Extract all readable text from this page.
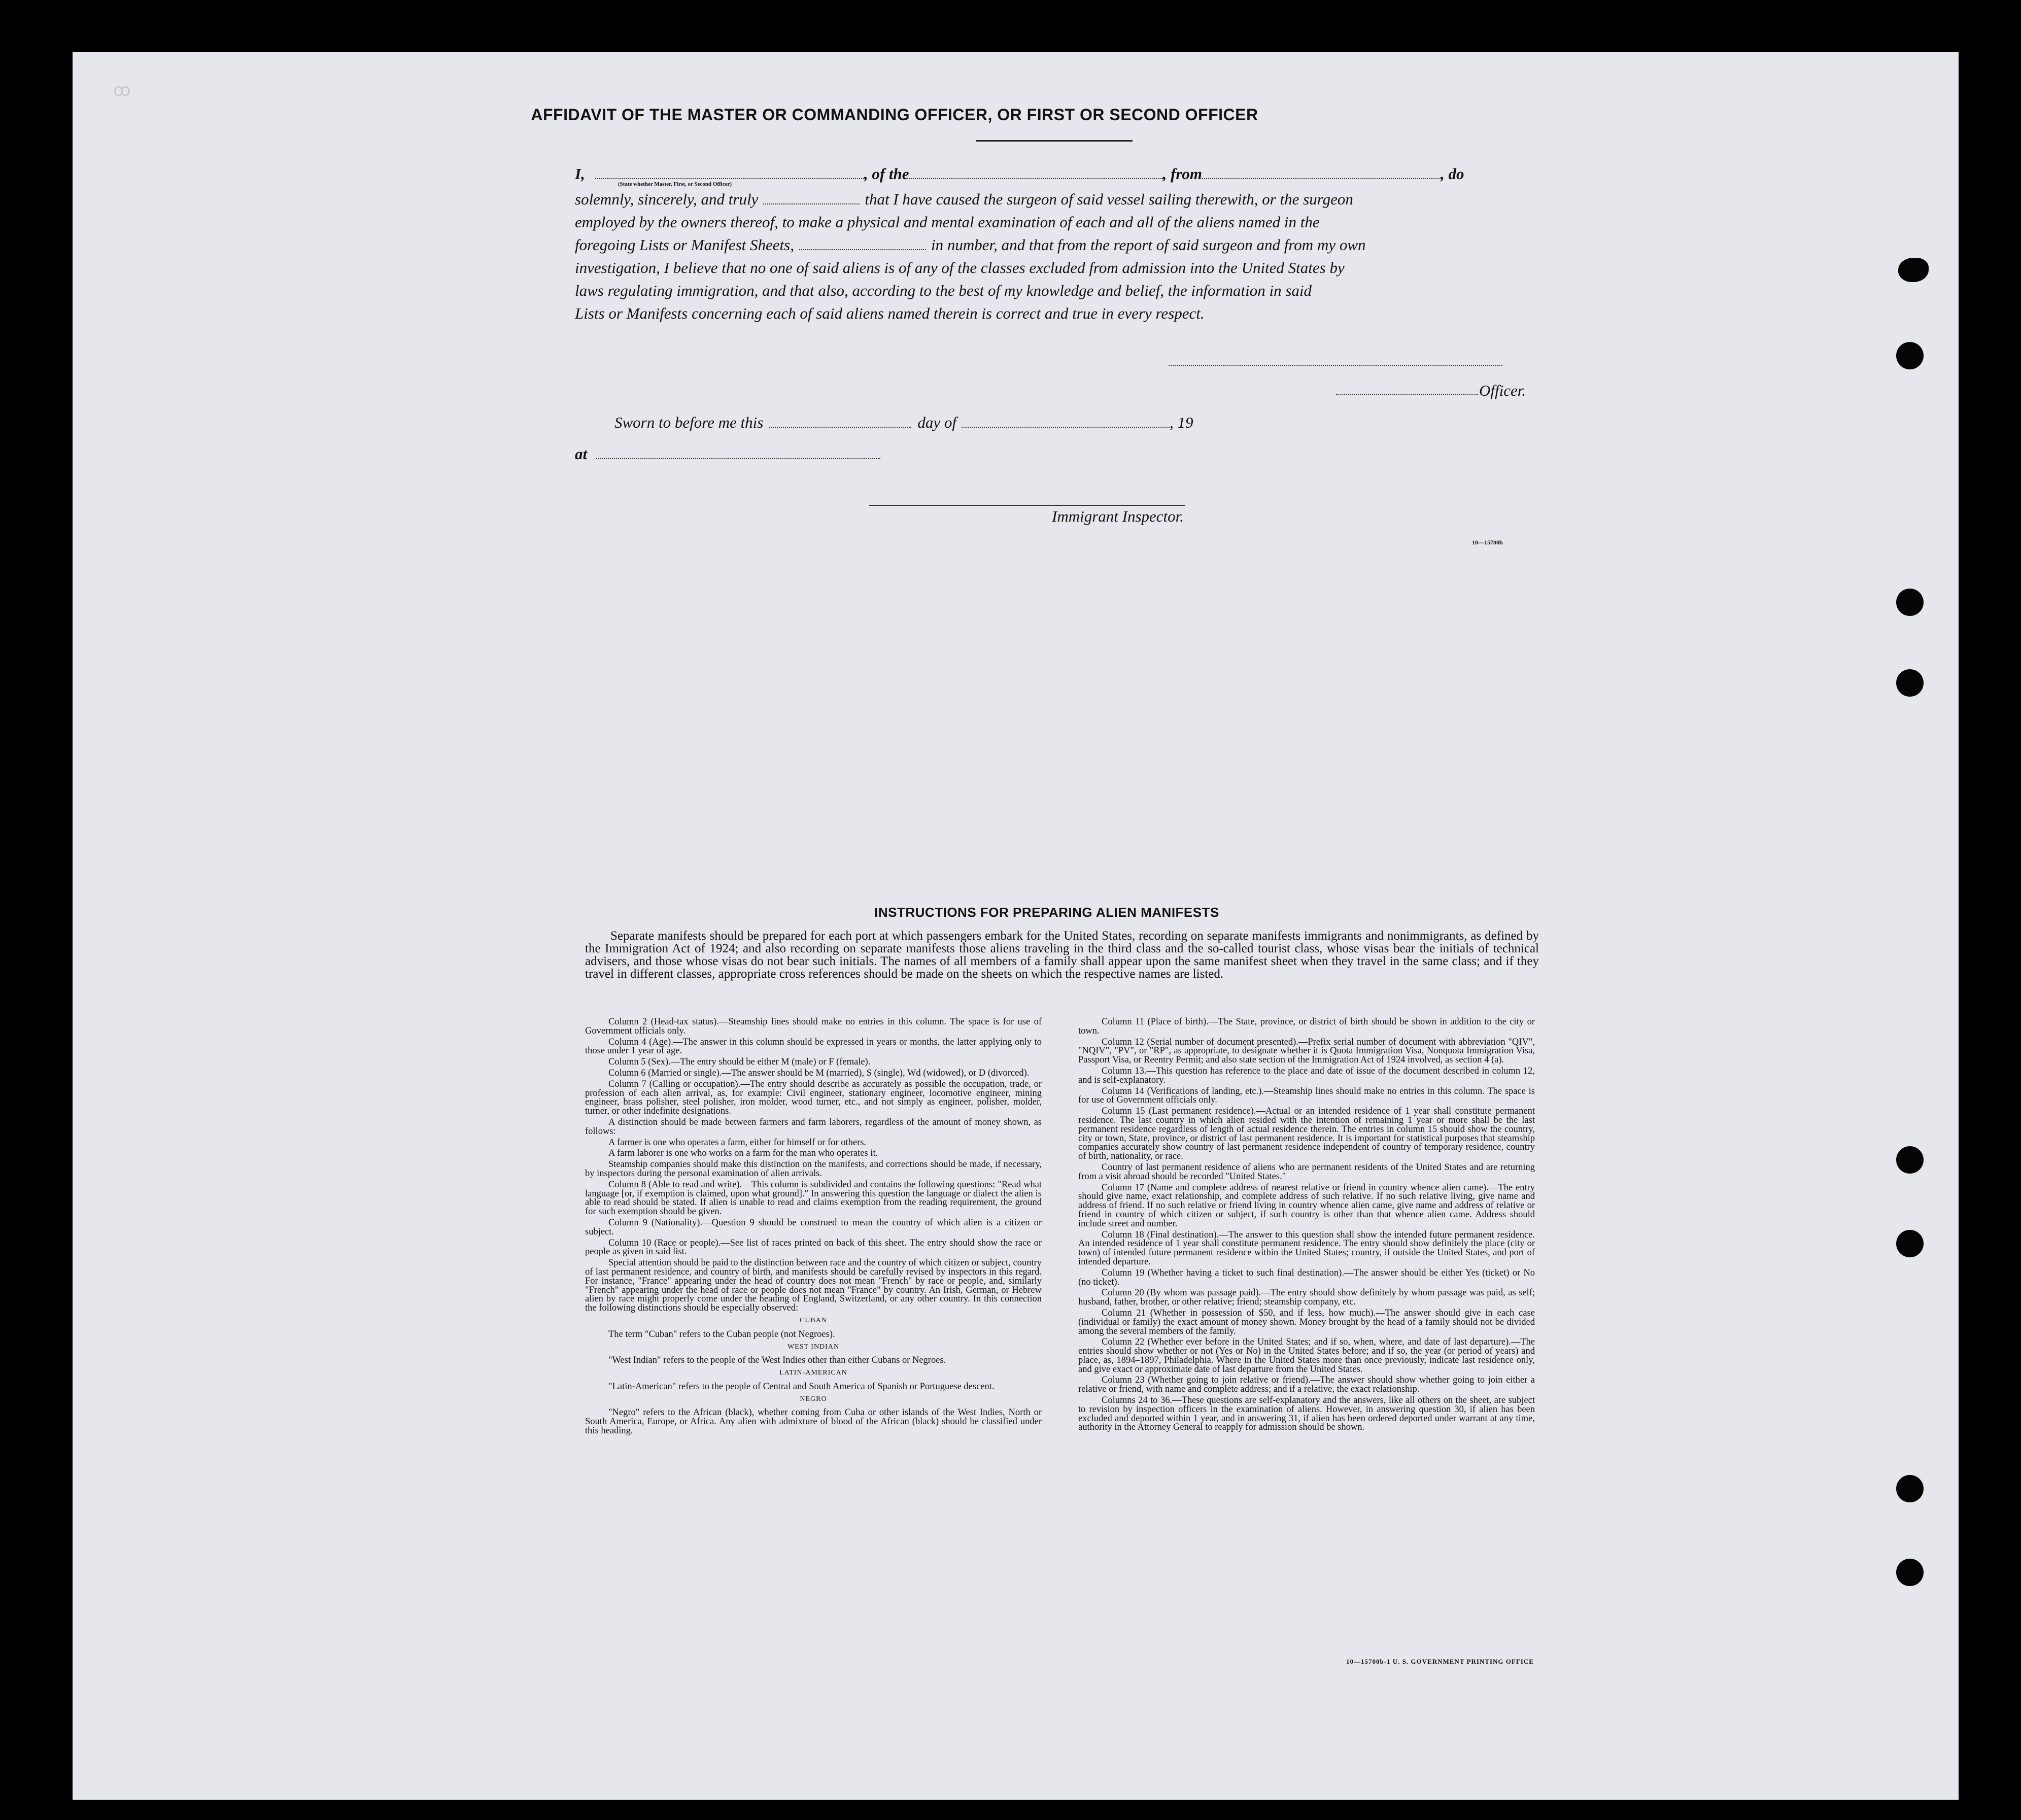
ꝏ
AFFIDAVIT OF THE MASTER OR COMMANDING OFFICER, OR FIRST OR SECOND OFFICER
I,	, of the	, from	, do
(State whether Master, First, or Second Officer)
solemnly, sincerely, and truly	that I have caused the surgeon of said vessel sailing therewith, or the surgeon
employed by the owners thereof, to make a physical and mental examination of each and all of the aliens named in the
foregoing Lists or Manifest Sheets,	in number, and that from the report of said surgeon and from my own
investigation, I believe that no one of said aliens is of any of the classes excluded from admission into the United States by
laws regulating immigration, and that also, according to the best of my knowledge and belief, the information in said
Lists or Manifests concerning each of said aliens named therein is correct and true in every respect.
Officer.
Sworn to before me this	day of	, 19
at
Immigrant Inspector.
10—15700b
INSTRUCTIONS FOR PREPARING ALIEN MANIFESTS
Separate manifests should be prepared for each port at which passengers embark for the United States, recording on separate manifests immigrants and nonimmigrants, as defined by the Immigration Act of 1924; and also recording on separate manifests those aliens traveling in the third class and the so-called tourist class, whose visas bear the initials of technical advisers, and those whose visas do not bear such initials. The names of all members of a family shall appear upon the same manifest sheet when they travel in the same class; and if they travel in different classes, appropriate cross references should be made on the sheets on which the respective names are listed.

Column 2 (Head-tax status).—Steamship lines should make no entries in this column. The space is for use of Government officials only.

Column 4 (Age).—The answer in this column should be expressed in years or months, the latter applying only to those under 1 year of age.

Column 5 (Sex).—The entry should be either M (male) or F (female).

Column 6 (Married or single).—The answer should be M (married), S (single), Wd (widowed), or D (divorced).

Column 7 (Calling or occupation).—The entry should describe as accurately as possible the occupation, trade, or profession of each alien arrival, as, for example: Civil engineer, stationary engineer, locomotive engineer, mining engineer, brass polisher, steel polisher, iron molder, wood turner, etc., and not simply as engineer, polisher, molder, turner, or other indefinite designations.

A distinction should be made between farmers and farm laborers, regardless of the amount of money shown, as follows:

A farmer is one who operates a farm, either for himself or for others.

A farm laborer is one who works on a farm for the man who operates it.

Steamship companies should make this distinction on the manifests, and corrections should be made, if necessary, by inspectors during the personal examination of alien arrivals.

Column 8 (Able to read and write).—This column is subdivided and contains the following questions: "Read what language [or, if exemption is claimed, upon what ground]." In answering this question the language or dialect the alien is able to read should be stated. If alien is unable to read and claims exemption from the reading requirement, the ground for such exemption should be given.

Column 9 (Nationality).—Question 9 should be construed to mean the country of which alien is a citizen or subject.

Column 10 (Race or people).—See list of races printed on back of this sheet. The entry should show the race or people as given in said list.

Special attention should be paid to the distinction between race and the country of which citizen or subject, country of last permanent residence, and country of birth, and manifests should be carefully revised by inspectors in this regard. For instance, "France" appearing under the head of country does not mean "French" by race or people, and, similarly "French" appearing under the head of race or people does not mean "France" by country. An Irish, German, or Hebrew alien by race might properly come under the heading of England, Switzerland, or any other country. In this connection the following distinctions should be especially observed:

CUBAN

The term "Cuban" refers to the Cuban people (not Negroes).

WEST INDIAN

"West Indian" refers to the people of the West Indies other than either Cubans or Negroes.

LATIN-AMERICAN

"Latin-American" refers to the people of Central and South America of Spanish or Portuguese descent.

NEGRO

"Negro" refers to the African (black), whether coming from Cuba or other islands of the West Indies, North or South America, Europe, or Africa. Any alien with admixture of blood of the African (black) should be classified under this heading.

Column 11 (Place of birth).—The State, province, or district of birth should be shown in addition to the city or town.

Column 12 (Serial number of document presented).—Prefix serial number of document with abbreviation "QIV", "NQIV", "PV", or "RP", as appropriate, to designate whether it is Quota Immigration Visa, Nonquota Immigration Visa, Passport Visa, or Reentry Permit; and also state section of the Immigration Act of 1924 involved, as section 4 (a).

Column 13.—This question has reference to the place and date of issue of the document described in column 12, and is self-explanatory.

Column 14 (Verifications of landing, etc.).—Steamship lines should make no entries in this column. The space is for use of Government officials only.

Column 15 (Last permanent residence).—Actual or an intended residence of 1 year shall constitute permanent residence. The last country in which alien resided with the intention of remaining 1 year or more shall be the last permanent residence regardless of length of actual residence therein. The entries in column 15 should show the country, city or town, State, province, or district of last permanent residence. It is important for statistical purposes that steamship companies accurately show country of last permanent residence independent of country of temporary residence, country of birth, nationality, or race.

Country of last permanent residence of aliens who are permanent residents of the United States and are returning from a visit abroad should be recorded "United States."

Column 17 (Name and complete address of nearest relative or friend in country whence alien came).—The entry should give name, exact relationship, and complete address of such relative. If no such relative living, give name and address of friend. If no such relative or friend living in country whence alien came, give name and address of relative or friend in country of which citizen or subject, if such country is other than that whence alien came. Address should include street and number.

Column 18 (Final destination).—The answer to this question shall show the intended future permanent residence. An intended residence of 1 year shall constitute permanent residence. The entry should show definitely the place (city or town) of intended future permanent residence within the United States; country, if outside the United States, and port of intended departure.

Column 19 (Whether having a ticket to such final destination).—The answer should be either Yes (ticket) or No (no ticket).

Column 20 (By whom was passage paid).—The entry should show definitely by whom passage was paid, as self; husband, father, brother, or other relative; friend; steamship company, etc.

Column 21 (Whether in possession of $50, and if less, how much).—The answer should give in each case (individual or family) the exact amount of money shown. Money brought by the head of a family should not be divided among the several members of the family.

Column 22 (Whether ever before in the United States; and if so, when, where, and date of last departure).—The entries should show whether or not (Yes or No) in the United States before; and if so, the year (or period of years) and place, as, 1894–1897, Philadelphia. Where in the United States more than once previously, indicate last residence only, and give exact or approximate date of last departure from the United States.

Column 23 (Whether going to join relative or friend).—The answer should show whether going to join either a relative or friend, with name and complete address; and if a relative, the exact relationship.

Columns 24 to 36.—These questions are self-explanatory and the answers, like all others on the sheet, are subject to revision by inspection officers in the examination of aliens. However, in answering question 30, if alien has been excluded and deported within 1 year, and in answering 31, if alien has been ordered deported under warrant at any time, authority in the Attorney General to reapply for admission should be shown.

10—15700b-1 U. S. GOVERNMENT PRINTING OFFICE
